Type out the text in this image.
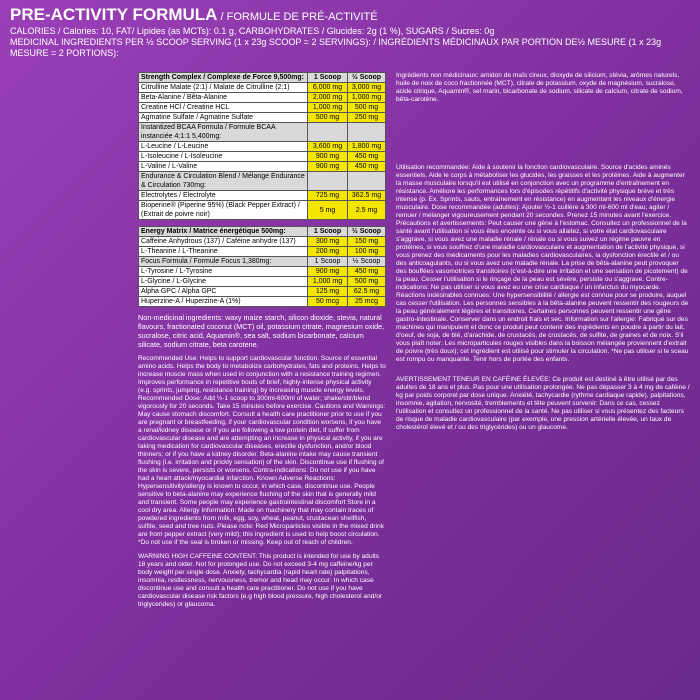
PRE-ACTIVITY FORMULA / FORMULE DE PRÉ-ACTIVITÉ
CALORIES / Calories: 10, FAT/ Lipides (as MCTs): 0.1 g, CARBOHYDRATES / Glucides: 2g (1 %), SUGARS / Sucres: 0g
MEDICINAL INGREDIENTS PER ½ SCOOP SERVING (1 x 23g SCOOP = 2 SERVINGS): / INGRÉDIENTS MÉDICINAUX PAR PORTION DE½ MESURE (1 x 23g MESURE = 2 PORTIONS):
Strength Complex / Complexe de Force 9,500mg:	1 Scoop	½ Scoop
Citrulline Malate (2:1) / Malate de Citrulline (2:1)	6,000 mg	3,000 mg
Beta-Alanine / Bêta-Alanine	2,000 mg	1,000 mg
Creatine HCl / Creatine HCL	1,000 mg	500 mg
Agmatine Sulfate / Agmatine Sulfate	500 mg	250 mg
Instantized BCAA Formula / Formule BCAA instanciée 4:1:1 5,400mg:		
L-Leucine / L-Leucine	3,600 mg	1,800 mg
L-Isoleucine / L-Isoleucine	900 mg	450 mg
L-Valine / L-Valine	900 mg	450 mg
Endurance & Circulation Blend / Mélange Endurance & Circulation 730mg:		
Electrolytes / Electrolyte	725 mg	362.5 mg
Bioperine® (Piperine 95%) (Black Pepper Extract) / (Extrait de poivre noir)	5 mg	2.5 mg
Energy Matrix / Matrice énergétique 500mg:	1 Scoop	½ Scoop
Caffeine Anhydrous (137) / Caféine anhydre (137)	300 mg	150 mg
L-Theanine / L-Theanine	200 mg	100 mg
Focus Formula / Formule Focus 1,380mg:	1 Scoop	½ Scoop
L-Tyrosine / L-Tyrosine	900 mg	450 mg
L-Glycine / L-Glycine	1,000 mg	500 mg
Alpha GPC / Alpha GPC	125 mg	62.5 mg
Huperzine-A / Huperzine-A (1%)	50 mcg	25 mcg
Non-medicinal ingredients: waxy maize starch, silicon dioxide, stevia, natural flavours, fractionated coconut (MCT) oil, potassium citrate, magnesium oxide, sucralose, citric acid, Aquamin®, sea salt, sodium bicarbonate, calcium silicate, sodium citrate, beta carotene.
Recommended Use: Helps to support cardiovascular function. Source of essential amino acids. Helps the body to metabolize carbohydrates, fats and proteins. Helps to increase muscle mass when used in conjunction with a resistance training regimen. Improves performance in repetitive bouts of brief, highly-intense physical activity (e.g. sprints, jumping, resistance training) by increasing muscle energy levels. Recommended Dose: Add ½-1 scoop to 300ml-600ml of water; shake/stir/blend vigorously for 20 seconds. Take 15 minutes before exercise. Cautions and Warnings: May cause stomach discomfort. Consult a health care practitioner prior to use if you are pregnant or breastfeeding, if your cardiovascular condition worsens, if you have a renal/kidney disease or if you are following a low protein diet, if suffer from cardiovascular disease and are attempting an increase in physical activity, if you are taking medication for cardiovascular diseases, erectile dysfunction, and/or blood thinners; or if you have a kidney disorder. Beta-alanine intake may cause transient flushing (i.e. irritation and prickly sensation) of the skin. Discontinue use if flushing of the skin is severe, persists or worsens. Contra-indications: Do not use if you have had a heart attack/myocardial infarction. Known Adverse Reactions: Hypersensitivity/allergy is known to occur, in which case, discontinue use. People sensitive to beta-alanine may experience flushing of the skin that is generally mild and transient. Some people may experience gastrointestinal discomfort Store in a cool dry area. Allergy Information: Made on machinery that may contain traces of powdered ingredients from milk, egg, soy, wheat, peanut, crustacean shellfish, sulfite, seed and tree nuts. Please note: Red Microparticles visible in the mixed drink are from pepper extract (very mild); this ingredient is used to help boost circulation. *Do not use if the seal is broken or missing. Keep out of reach of children.
WARNING HIGH CAFFEINE CONTENT: This product is intended for use by adults 18 years and older. Not for prolonged use. Do not exceed 3-4 mg caffeine/kg per body weight per single dose. Anxiety, tachycardia (rapid heart rate) palpitations, insomnia, restlessness, nervousness, tremor and head may occur: In which case discontinue use and consult a health care practitioner. Do not use if you have cardiovascular disease risk factors (e.g high blood pressure, high cholesterol and/or triglycerides) or glaucoma.
Ingrédients non médicinaux: amidon de maïs cireux, dioxyde de silicium, stévia, arômes naturels, huile de noix de coco fractionnée (MCT), citrate de potassium, oxyde de magnésium, sucralose, acide citrique, Aquamin®, sel marin, bicarbonate de sodium, silicate de calcium, citrate de sodium, bêta-carotène.
Utilisation recommandée: Aide à soutenir la fonction cardiovasculaire. Source d'acides aminés essentiels. Aide le corps à métaboliser les glucides, les graisses et les protéines. Aide à augmenter la masse musculaire lorsqu'il est utilisé en conjonction avec un programme d'entraînement en résistance. Améliore les performances lors d'épisodes répétitifs d'activité physique brève et très intense (p. Ex. Sprints, sauts, entraînement en résistance) en augmentant les niveaux d'énergie musculaire. Dose recommandée (adultes): Ajouter ½-1 cuillère à 300 ml-600 ml d'eau; agiter / remuer / mélanger vigoureusement pendant 20 secondes. Prenez 15 minutes avant l'exercice. Précautions et avertissements: Peut causer une gêne à l'estomac. Consultez un professionnel de la santé avant l'utilisation si vous êtes enceinte ou si vous allaitez, si votre état cardiovasculaire s'aggrave, si vous avez une maladie rénale / rénale ou si vous suivez un régime pauvre en protéines, si vous souffrez d'une maladie cardiovasculaire et augmentation de l'activité physique, si vous prenez des médicaments pour les maladies cardiovasculaires, la dysfonction érectile et / ou des anticoagulants, ou si vous avez une maladie rénale. La prise de bêta-alanine peut provoquer des bouffées vasomotrices transitoires (c'est-à-dire une irritation et une sensation de picotement) de la peau. Cesser l'utilisation si le rinçage de la peau est sévère, persiste ou s'aggrave. Contre-indications: Ne pas utiliser si vous avez eu une crise cardiaque / un infarctus du myocarde. Réactions indésirables connues: Une hypersensibilité / allergie est connue pour se produire, auquel cas cesser l'utilisation. Les personnes sensibles à la bêta-alanine peuvent ressentir des rougeurs de la peau généralement légères et transitoires. Certaines personnes peuvent ressentir une gêne gastro-intestinale. Conserver dans un endroit frais et sec. Information sur l'allergie: Fabriqué sur des machines qui manipulent et donc ce produit peut contenir des ingrédients en poudre à partir du lait, d'oeuf, de soja, de blé, d'arachide, de crustacés, de crustacés, de sulfite, de graines et de noix. S'il vous plaît noter: Les microparticules rouges visibles dans la boisson mélangée proviennent d'extrait de poivre (très doux); cet ingrédient est utilisé pour stimuler la circulation. *Ne pas utiliser si le sceau est rompu ou manquante. Tenir hors de portée des enfants.
AVERTISSEMENT TENEUR EN CAFÉINE ÉLEVÉE: Ce produit est destiné à être utilisé par des adultes de 18 ans et plus. Pas pour une utilisation prolongée. Ne pas dépasser 3 à 4 mg de caféine / kg par poids corporel par dose unique. Anxiété, tachycardie (rythme cardiaque rapide), palpitations, insomnie, agitation, nervosité, tremblements et tête peuvent survenir: Dans ce cas, cessez l'utilisation et consultez un professionnel de la santé. Ne pas utiliser si vous présentez des facteurs de risque de maladie cardiovasculaire (par exemple, une pression artérielle élevée, un taux de cholestérol élevé et / ou des triglycérides) ou un glaucome.
